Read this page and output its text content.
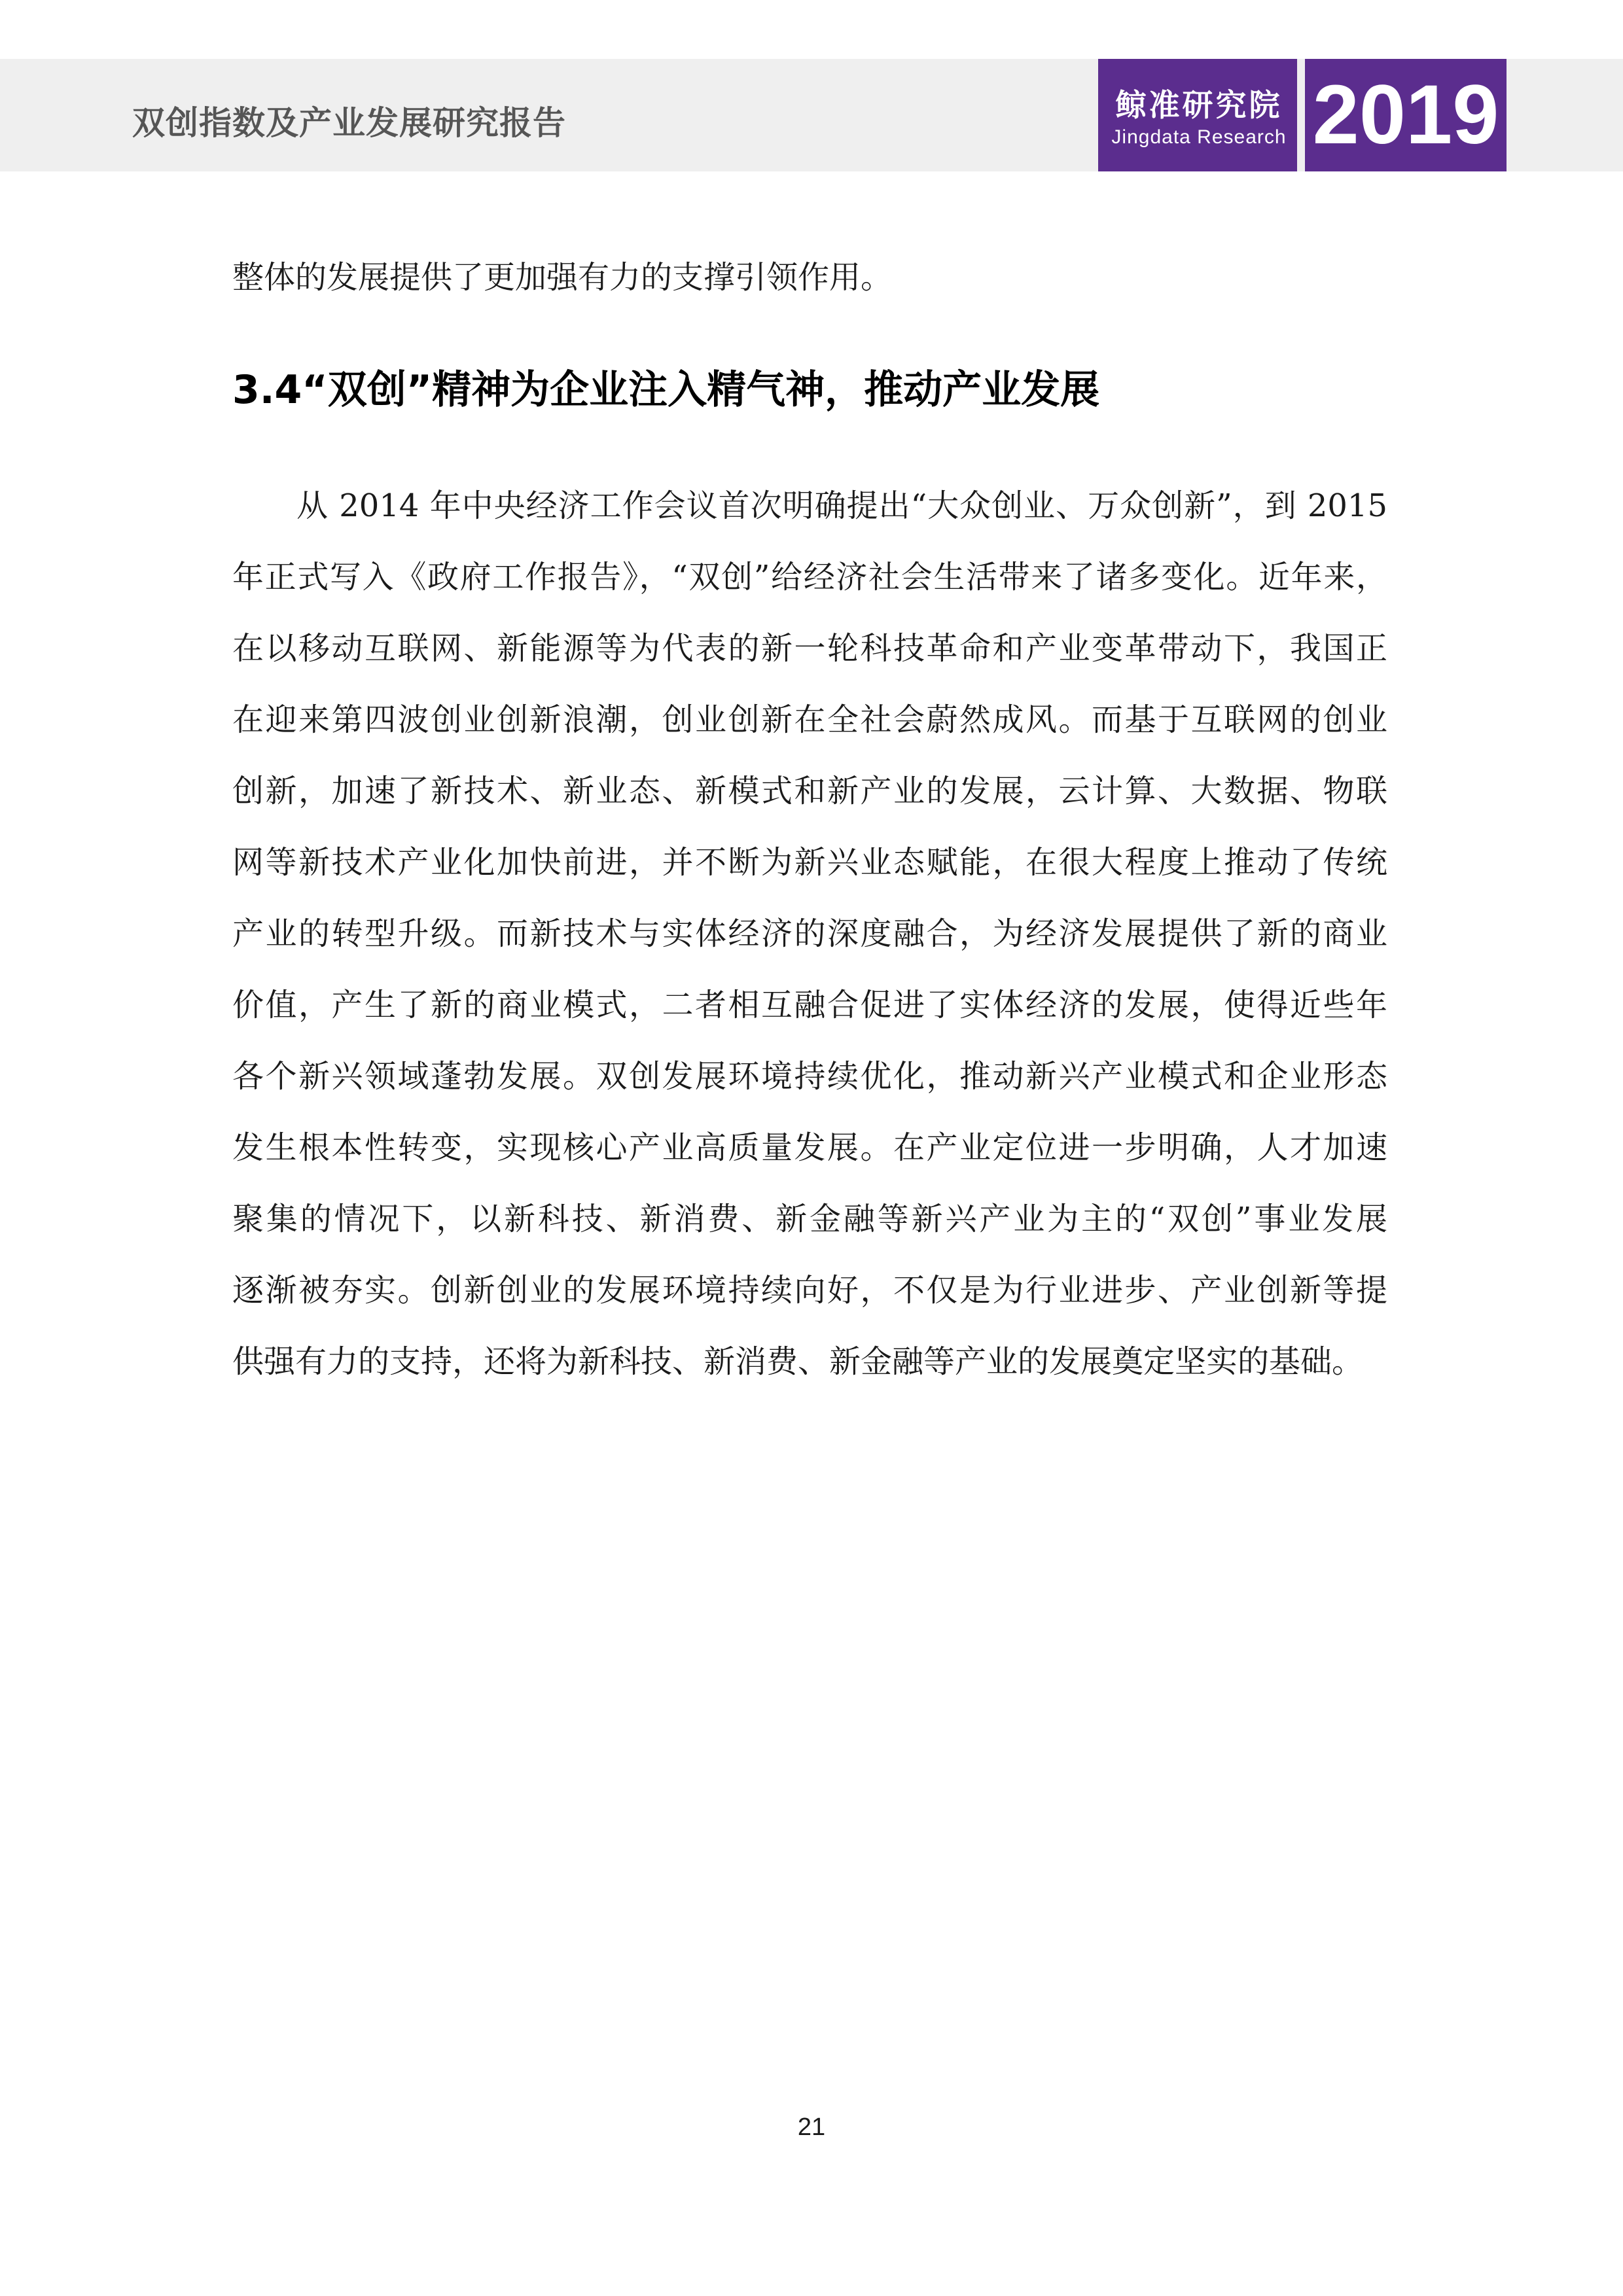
双创指数及产业发展研究报告	鲸准研究院
Jingdata Research 2019
整体的发展提供了更加强有力的支撑引领作用。
3.4“双创”精神为企业注入精气神，推动产业发展
从 2014 年中央经济工作会议首次明确提出“大众创业、万众创新”，到 2015
年正式写入《政府工作报告》，“双创”给经济社会生活带来了诸多变化。近年来，
在以移动互联网、新能源等为代表的新一轮科技革命和产业变革带动下，我国正
在迎来第四波创业创新浪潮，创业创新在全社会蔚然成风。而基于互联网的创业
创新，加速了新技术、新业态、新模式和新产业的发展，云计算、大数据、物联
网等新技术产业化加快前进，并不断为新兴业态赋能，在很大程度上推动了传统
产业的转型升级。而新技术与实体经济的深度融合，为经济发展提供了新的商业
价值，产生了新的商业模式，二者相互融合促进了实体经济的发展，使得近些年
各个新兴领域蓬勃发展。双创发展环境持续优化，推动新兴产业模式和企业形态
发生根本性转变，实现核心产业高质量发展。在产业定位进一步明确，人才加速
聚集的情况下，以新科技、新消费、新金融等新兴产业为主的“双创”事业发展
逐渐被夯实。创新创业的发展环境持续向好，不仅是为行业进步、产业创新等提
供强有力的支持，还将为新科技、新消费、新金融等产业的发展奠定坚实的基础。
21
